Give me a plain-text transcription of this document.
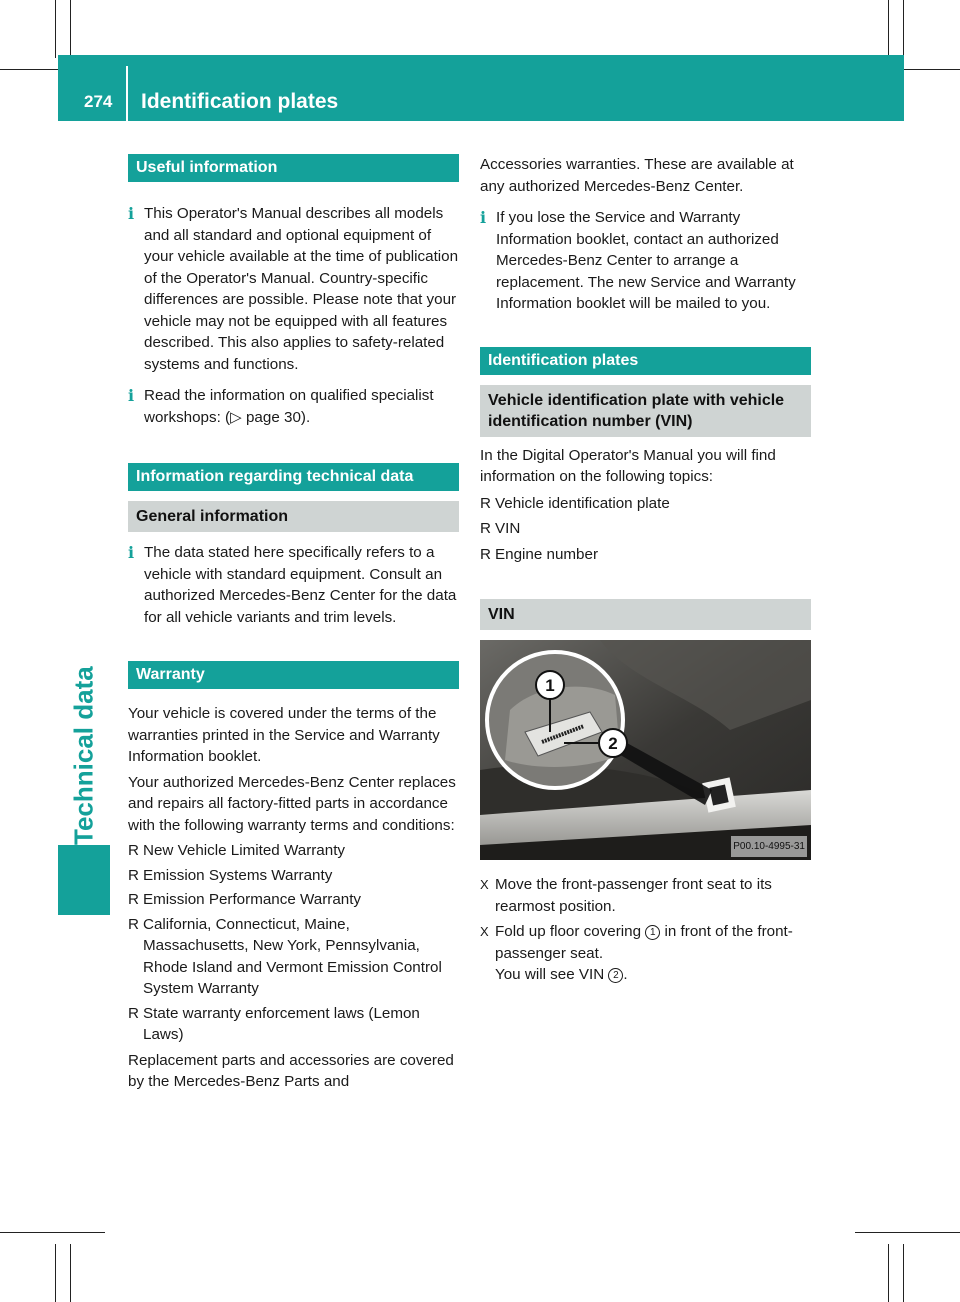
274 Identification plates
Technical data
Useful information
i This Operator's Manual describes all models and all standard and optional equipment of your vehicle available at the time of publication of the Operator's Manual. Country-specific differences are possible. Please note that your vehicle may not be equipped with all features described. This also applies to safety-related systems and functions.

i Read the information on qualified specialist workshops: (▷ page 30).

Information regarding technical data
General information
i The data stated here specifically refers to a vehicle with standard equipment. Consult an authorized Mercedes-Benz Center for the data for all vehicle variants and trim levels.

Warranty

Your vehicle is covered under the terms of the warranties printed in the Service and Warranty Information booklet.

Your authorized Mercedes-Benz Center replaces and repairs all factory-fitted parts in accordance with the following warranty terms and conditions:

R New Vehicle Limited Warranty
R Emission Systems Warranty
R Emission Performance Warranty
R California, Connecticut, Maine, Massachusetts, New York, Pennsylvania, Rhode Island and Vermont Emission Control System Warranty
R State warranty enforcement laws (Lemon Laws)

Replacement parts and accessories are covered by the Mercedes-Benz Parts and

Accessories warranties. These are available at any authorized Mercedes-Benz Center.

i If you lose the Service and Warranty Information booklet, contact an authorized Mercedes-Benz Center to arrange a replacement. The new Service and Warranty Information booklet will be mailed to you.

Identification plates
Vehicle identification plate with vehicle identification number (VIN)

In the Digital Operator's Manual you will find information on the following topics:

R Vehicle identification plate
R VIN
R Engine number
VIN
1
2
P00.10-4995-31
X Move the front-passenger front seat to its rearmost position.
X Fold up floor covering 1 in front of the front-passenger seat.
You will see VIN 2 .
